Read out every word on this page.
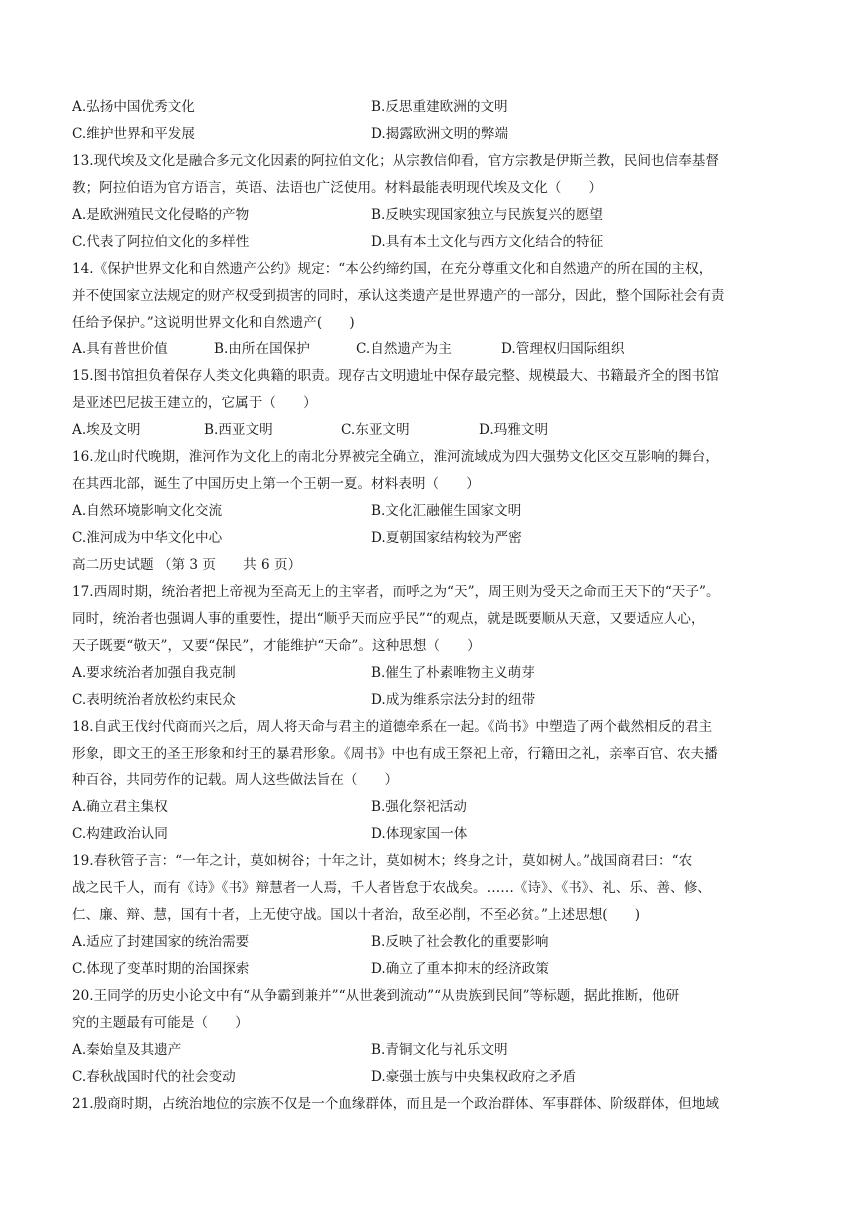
A.弘扬中国优秀文化	B.反思重建欧洲的文明
C.维护世界和平发展	D.揭露欧洲文明的弊端
13.现代埃及文化是融合多元文化因素的阿拉伯文化；从宗教信仰看，官方宗教是伊斯兰教，民间也信奉基督
教；阿拉伯语为官方语言，英语、法语也广泛使用。材料最能表明现代埃及文化（　　）
A.是欧洲殖民文化侵略的产物	B.反映实现国家独立与民族复兴的愿望
C.代表了阿拉伯文化的多样性	D.具有本土文化与西方文化结合的特征
14.《保护世界文化和自然遗产公约》规定：“本公约缔约国，在充分尊重文化和自然遗产的所在国的主权，
并不使国家立法规定的财产权受到损害的同时，承认这类遗产是世界遗产的一部分，因此，整个国际社会有责
任给予保护。”这说明世界文化和自然遗产(　　)
A.具有普世价值	B.由所在国保护	C.自然遗产为主	D.管理权归国际组织
15.图书馆担负着保存人类文化典籍的职责。现存古文明遗址中保存最完整、规模最大、书籍最齐全的图书馆
是亚述巴尼拔王建立的，它属于（　　）
A.埃及文明	B.西亚文明	C.东亚文明	D.玛雅文明
16.龙山时代晚期，淮河作为文化上的南北分界被完全确立，淮河流域成为四大强势文化区交互影响的舞台，
在其西北部，诞生了中国历史上第一个王朝一夏。材料表明（　　）
A.自然环境影响文化交流	B.文化汇融催生国家文明
C.淮河成为中华文化中心	D.夏朝国家结构较为严密
高二历史试题 （第 3 页　　共 6 页）
17.西周时期，统治者把上帝视为至高无上的主宰者，而呼之为“天”，周王则为受天之命而王天下的“天子”。
同时，统治者也强调人事的重要性，提出“顺乎天而应乎民”“的观点，就是既要顺从天意，又要适应人心，
天子既要“敬天”，又要“保民”，才能维护“天命”。这种思想（　　）
A.要求统治者加强自我克制	B.催生了朴素唯物主义萌芽
C.表明统治者放松约束民众	D.成为维系宗法分封的纽带
18.自武王伐纣代商而兴之后，周人将天命与君主的道德牵系在一起。《尚书》中塑造了两个截然相反的君主
形象，即文王的圣王形象和纣王的暴君形象。《周书》中也有成王祭祀上帝，行籍田之礼，亲率百官、农夫播
种百谷，共同劳作的记载。周人这些做法旨在（　　）
A.确立君主集权	B.强化祭祀活动
C.构建政治认同	D.体现家国一体
19.春秋管子言：“一年之计，莫如树谷；十年之计，莫如树木；终身之计，莫如树人。”战国商君曰：“农
战之民千人，而有《诗》《书》辩慧者一人焉，千人者皆怠于农战矣。……《诗》、《书》、礼、乐、善、修、
仁、廉、辩、慧，国有十者，上无使守战。国以十者治，敌至必削，不至必贫。”上述思想(　　)
A.适应了封建国家的统治需要	B.反映了社会教化的重要影响
C.体现了变革时期的治国探索	D.确立了重本抑末的经济政策
20.王同学的历史小论文中有“从争霸到兼并”“从世袭到流动”“从贵族到民间”等标题，据此推断，他研
究的主题最有可能是（　　）
A.秦始皇及其遗产	B.青铜文化与礼乐文明
C.春秋战国时代的社会变动	D.豪强士族与中央集权政府之矛盾
21.殷商时期，占统治地位的宗族不仅是一个血缘群体，而且是一个政治群体、军事群体、阶级群体，但地域
